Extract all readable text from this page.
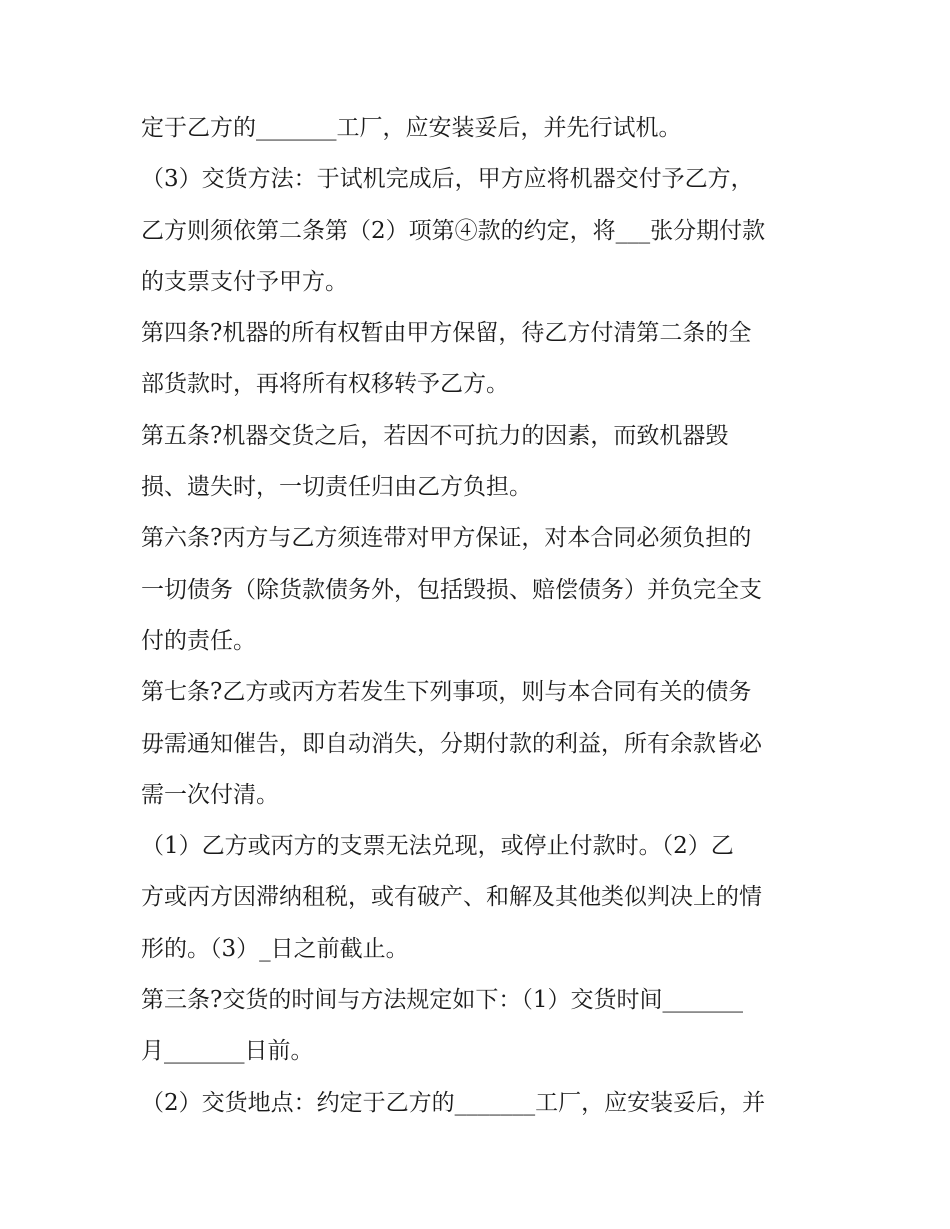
定于乙方的_______工厂，应安装妥后，并先行试机。
（3）交货方法：于试机完成后，甲方应将机器交付予乙方，
乙方则须依第二条第（2）项第④款的约定，将___张分期付款
的支票支付予甲方。
第四条?机器的所有权暂由甲方保留，待乙方付清第二条的全
部货款时，再将所有权移转予乙方。
第五条?机器交货之后，若因不可抗力的因素，而致机器毁
损、遗失时，一切责任归由乙方负担。
第六条?丙方与乙方须连带对甲方保证，对本合同必须负担的
一切债务（除货款债务外，包括毁损、赔偿债务）并负完全支
付的责任。
第七条?乙方或丙方若发生下列事项，则与本合同有关的债务
毋需通知催告，即自动消失，分期付款的利益，所有余款皆必
需一次付清。
（1）乙方或丙方的支票无法兑现，或停止付款时。（2）乙
方或丙方因滞纳租税，或有破产、和解及其他类似判决上的情
形的。（3）_日之前截止。
第三条?交货的时间与方法规定如下：（1）交货时间_______
月_______日前。
（2）交货地点：约定于乙方的_______工厂，应安装妥后，并
